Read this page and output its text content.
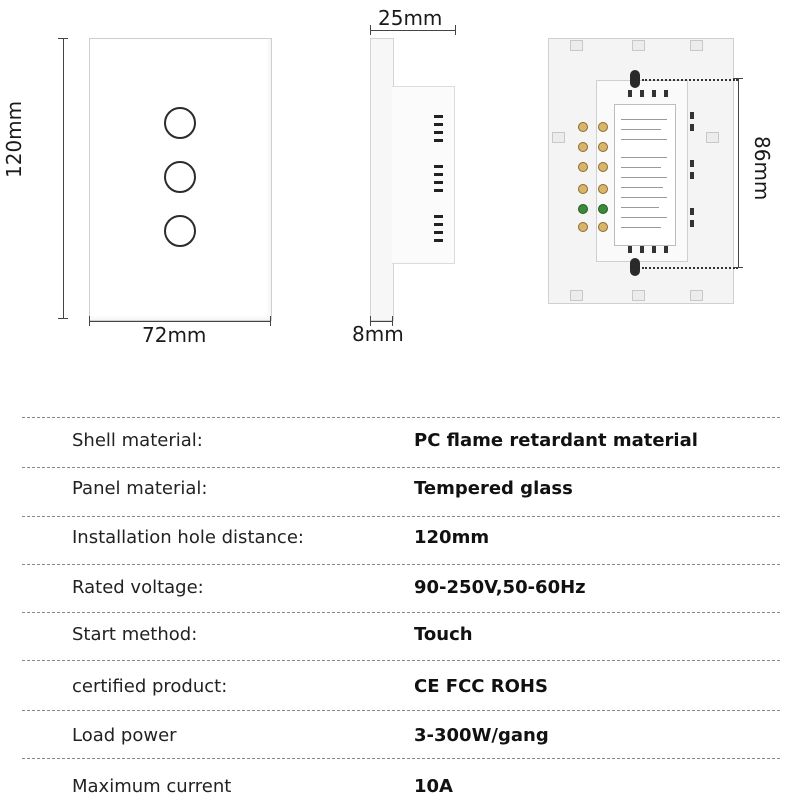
120mm
72mm
25mm
8mm
86mm
Shell material:	PC flame retardant material
Panel material:	Tempered glass
Installation hole distance:	120mm
Rated voltage:	90-250V,50-60Hz
Start method:	Touch
certified product:	CE FCC ROHS
Load power	3-300W/gang
Maximum current	10A
